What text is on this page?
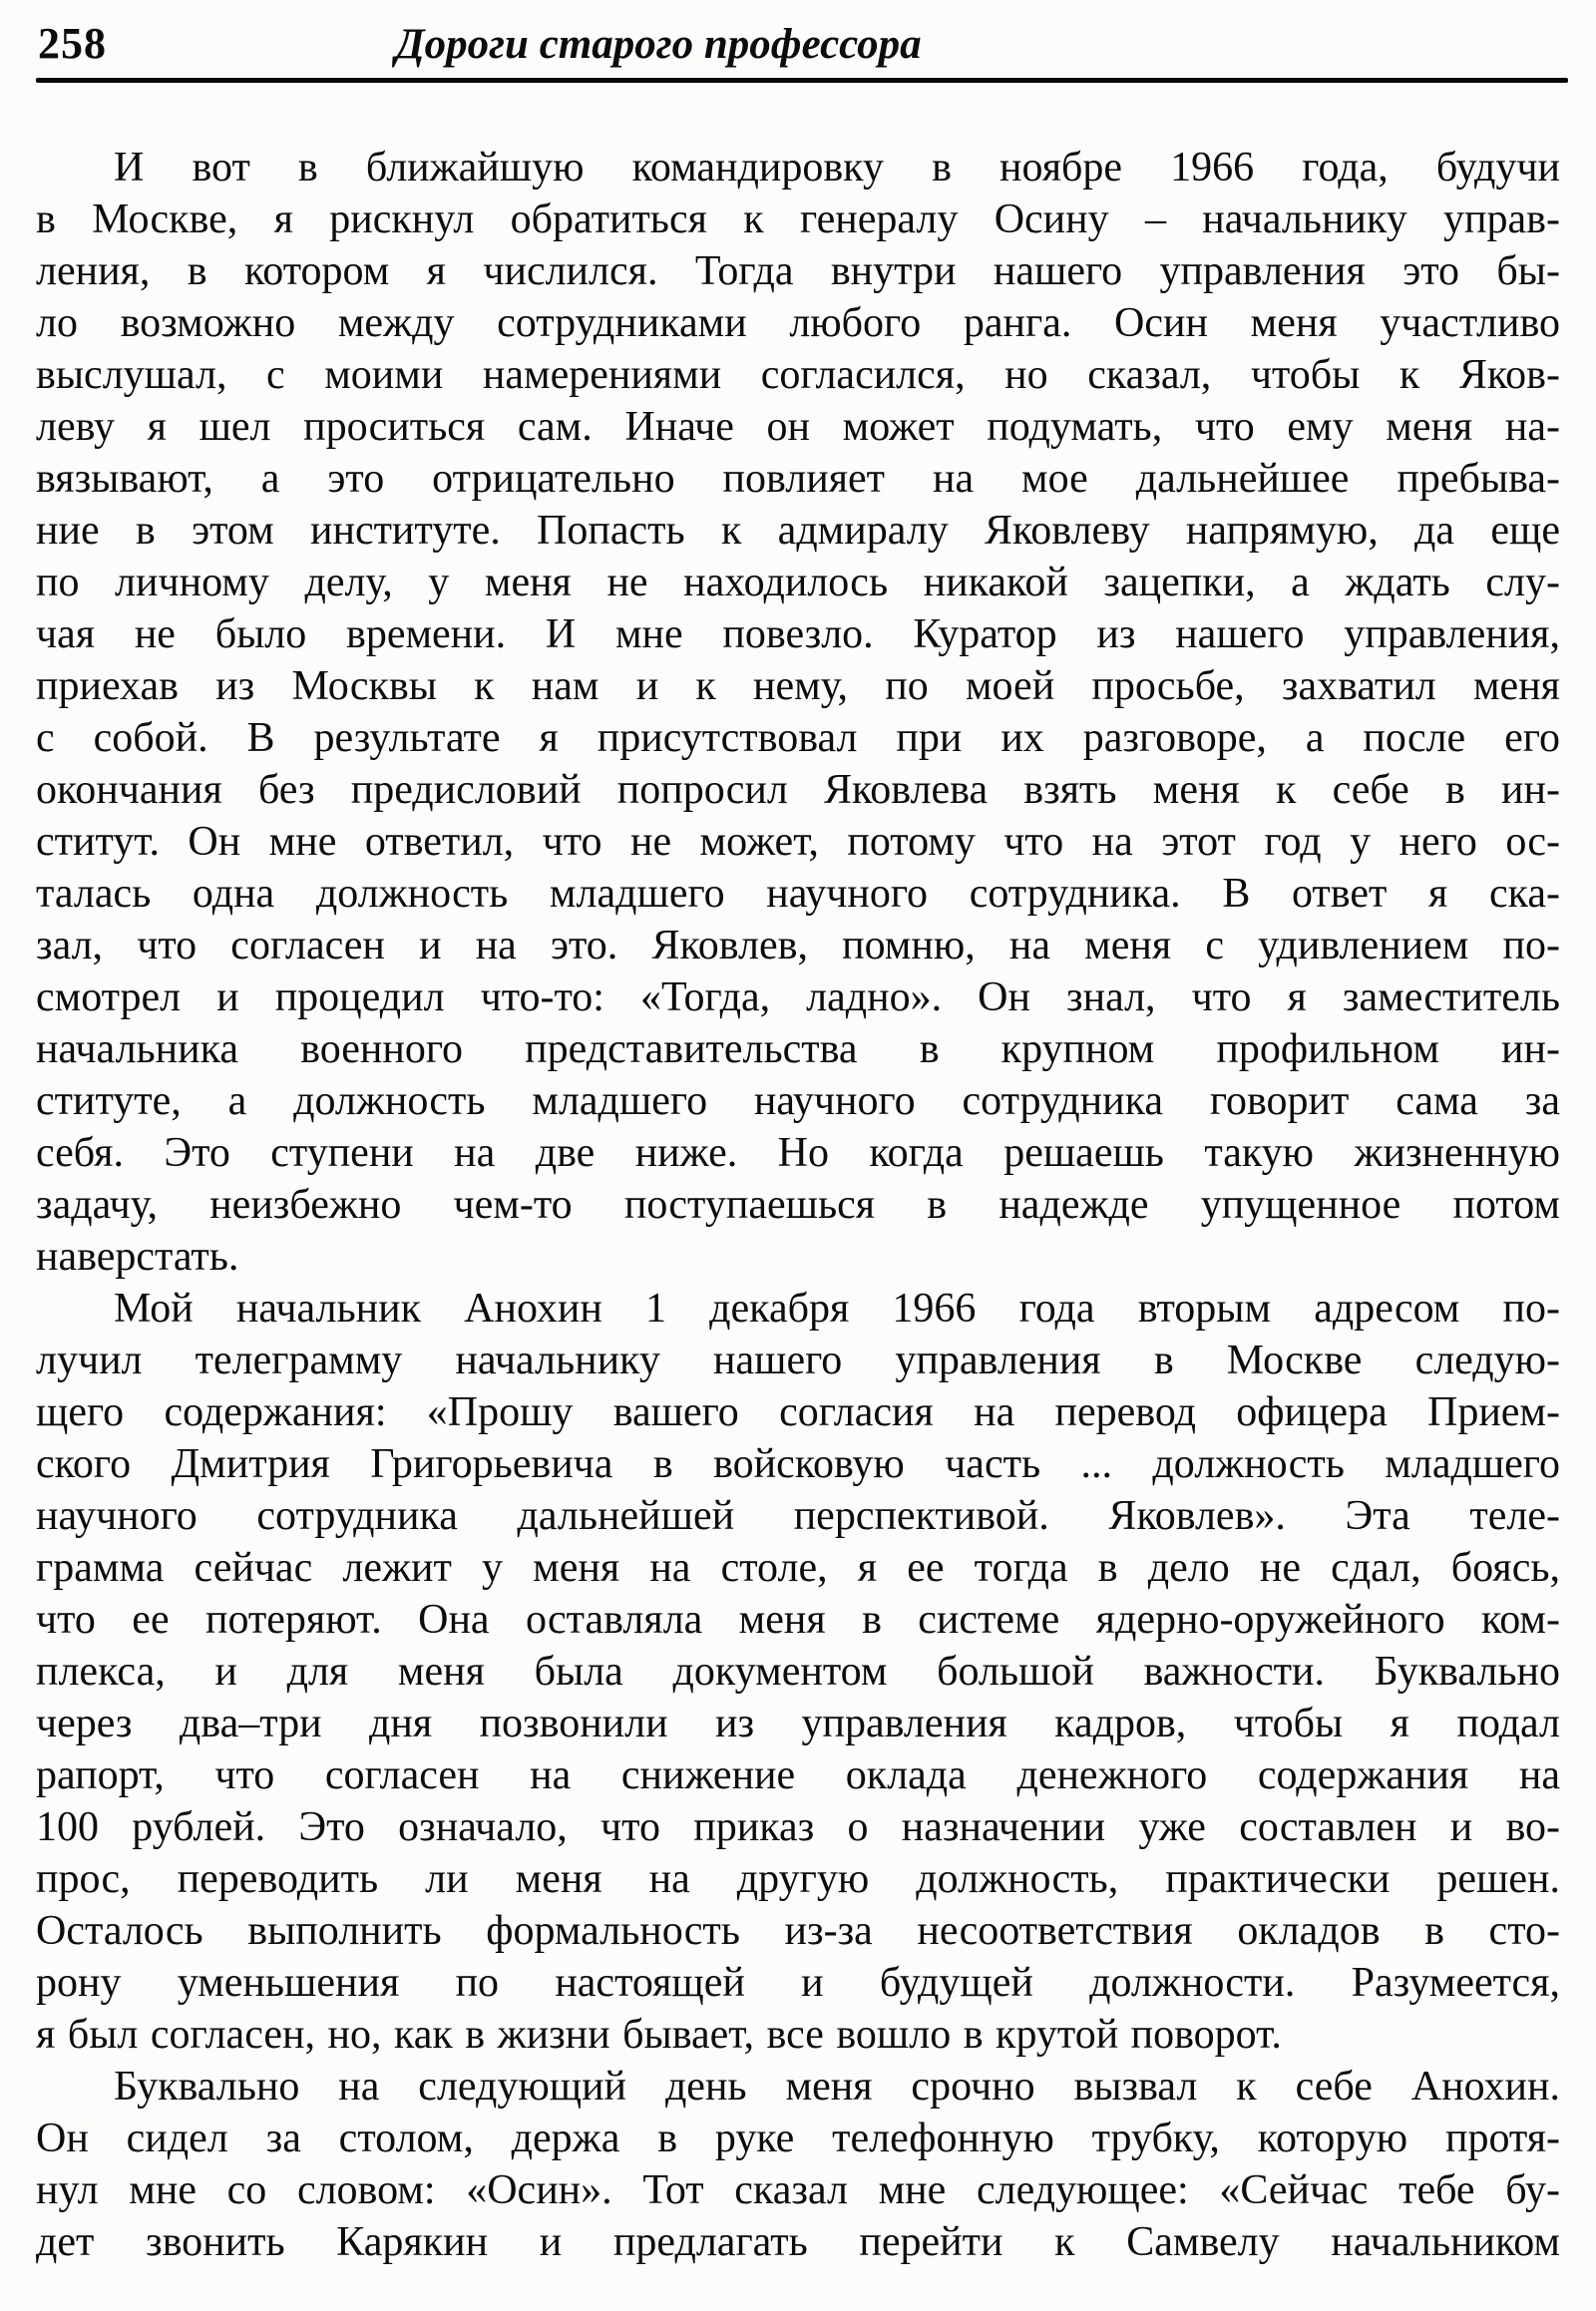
258	Дороги старого профессора
И вот в ближайшую командировку в ноябре 1966 года, будучи
в Москве, я рискнул обратиться к генералу Осину – начальнику управ-
ления, в котором я числился. Тогда внутри нашего управления это бы-
ло возможно между сотрудниками любого ранга. Осин меня участливо
выслушал, с моими намерениями согласился, но сказал, чтобы к Яков-
леву я шел проситься сам. Иначе он может подумать, что ему меня на-
вязывают, а это отрицательно повлияет на мое дальнейшее пребыва-
ние в этом институте. Попасть к адмиралу Яковлеву напрямую, да еще
по личному делу, у меня не находилось никакой зацепки, а ждать слу-
чая не было времени. И мне повезло. Куратор из нашего управления,
приехав из Москвы к нам и к нему, по моей просьбе, захватил меня
с собой. В результате я присутствовал при их разговоре, а после его
окончания без предисловий попросил Яковлева взять меня к себе в ин-
ститут. Он мне ответил, что не может, потому что на этот год у него ос-
талась одна должность младшего научного сотрудника. В ответ я ска-
зал, что согласен и на это. Яковлев, помню, на меня с удивлением по-
смотрел и процедил что-то: «Тогда, ладно». Он знал, что я заместитель
начальника военного представительства в крупном профильном ин-
ституте, а должность младшего научного сотрудника говорит сама за
себя. Это ступени на две ниже. Но когда решаешь такую жизненную
задачу, неизбежно чем-то поступаешься в надежде упущенное потом
наверстать.
Мой начальник Анохин 1 декабря 1966 года вторым адресом по-
лучил телеграмму начальнику нашего управления в Москве следую-
щего содержания: «Прошу вашего согласия на перевод офицера Прием-
ского Дмитрия Григорьевича в войсковую часть ... должность младшего
научного сотрудника дальнейшей перспективой. Яковлев». Эта теле-
грамма сейчас лежит у меня на столе, я ее тогда в дело не сдал, боясь,
что ее потеряют. Она оставляла меня в системе ядерно-оружейного ком-
плекса, и для меня была документом большой важности. Буквально
через два–три дня позвонили из управления кадров, чтобы я подал
рапорт, что согласен на снижение оклада денежного содержания на
100 рублей. Это означало, что приказ о назначении уже составлен и во-
прос, переводить ли меня на другую должность, практически решен.
Осталось выполнить формальность из-за несоответствия окладов в сто-
рону уменьшения по настоящей и будущей должности. Разумеется,
я был согласен, но, как в жизни бывает, все вошло в крутой поворот.
Буквально на следующий день меня срочно вызвал к себе Анохин.
Он сидел за столом, держа в руке телефонную трубку, которую протя-
нул мне со словом: «Осин». Тот сказал мне следующее: «Сейчас тебе бу-
дет звонить Карякин и предлагать перейти к Самвелу начальником
